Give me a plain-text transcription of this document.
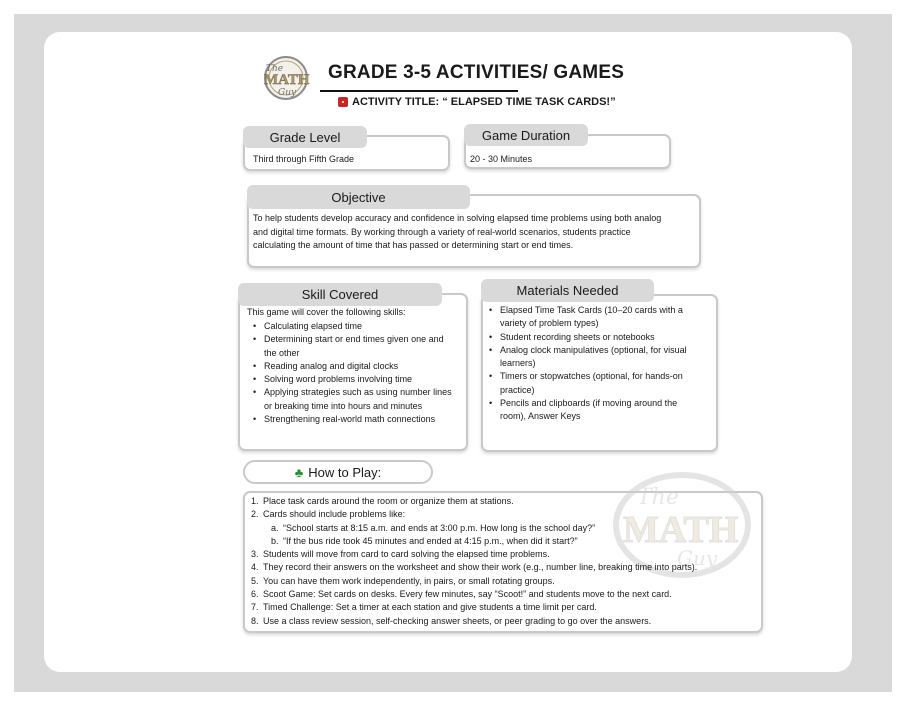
The
MATH
Guy
GRADE 3-5 ACTIVITIES/ GAMES
ACTIVITY TITLE: “ ELAPSED TIME TASK CARDS!”
Grade Level
Third through Fifth Grade
Game Duration
20 - 30 Minutes
Objective
To help students develop accuracy and confidence in solving elapsed time problems using both analog
and digital time formats. By working through a variety of real-world scenarios, students practice
calculating the amount of time that has passed or determining start or end times.
Skill Covered
This game will cover the following skills:
• Calculating elapsed time
• Determining start or end times given one and
the other
• Reading analog and digital clocks
• Solving word problems involving time
• Applying strategies such as using number lines
or breaking time into hours and minutes
• Strengthening real-world math connections
Materials Needed
• Elapsed Time Task Cards (10–20 cards with a
variety of problem types)
• Student recording sheets or notebooks
• Analog clock manipulatives (optional, for visual
learners)
• Timers or stopwatches (optional, for hands-on
practice)
• Pencils and clipboards (if moving around the
room), Answer Keys
♣ How to Play:
The
MATH
Guy
1. Place task cards around the room or organize them at stations.
2. Cards should include problems like:
a. “School starts at 8:15 a.m. and ends at 3:00 p.m. How long is the school day?”
b. “If the bus ride took 45 minutes and ended at 4:15 p.m., when did it start?”
3. Students will move from card to card solving the elapsed time problems.
4. They record their answers on the worksheet and show their work (e.g., number line, breaking time into parts).
5. You can have them work independently, in pairs, or small rotating groups.
6. Scoot Game: Set cards on desks. Every few minutes, say “Scoot!” and students move to the next card.
7. Timed Challenge: Set a timer at each station and give students a time limit per card.
8. Use a class review session, self-checking answer sheets, or peer grading to go over the answers.
